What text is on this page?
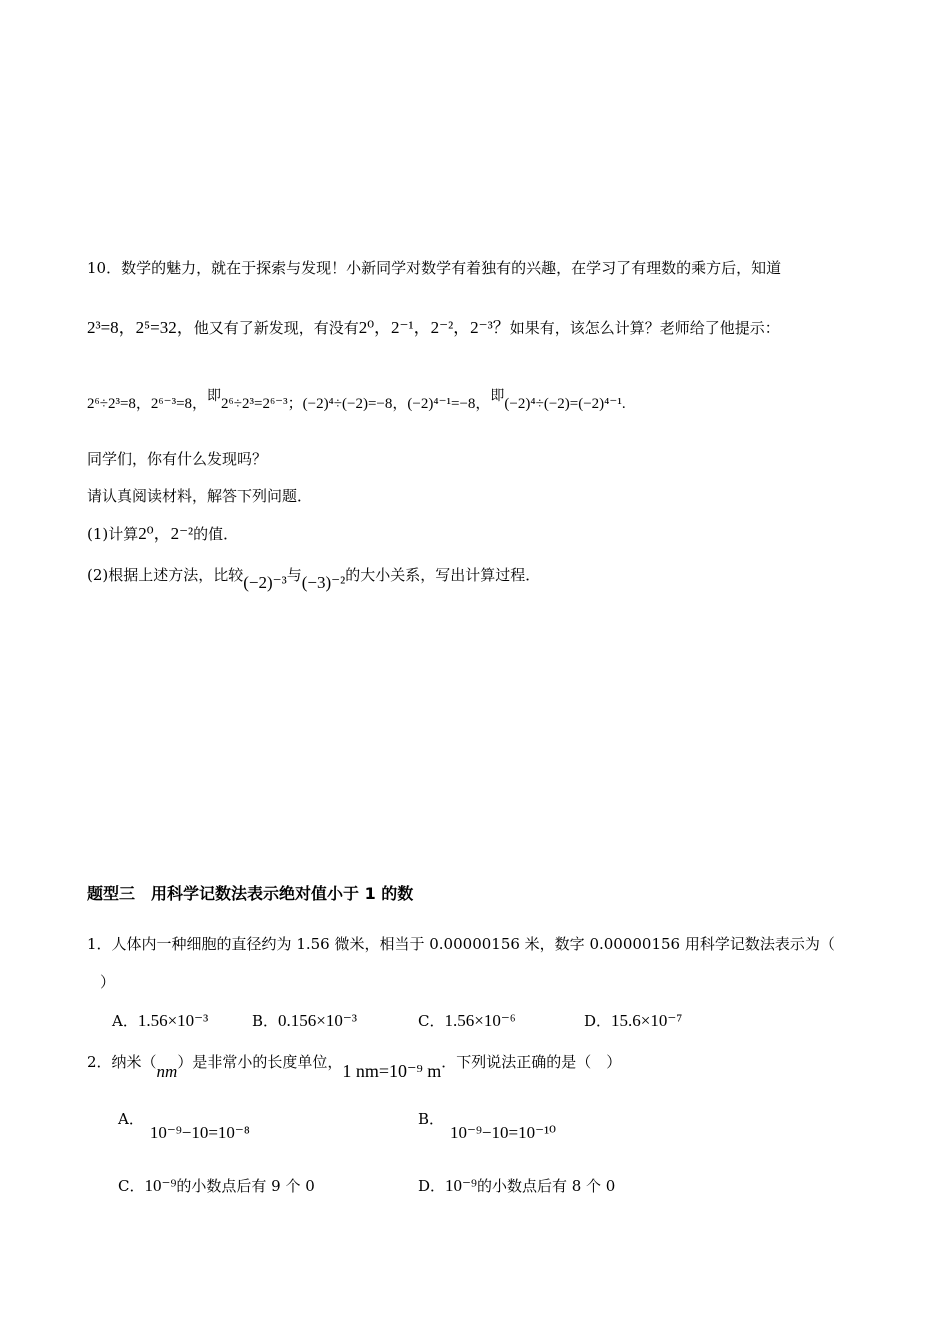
10．数学的魅力，就在于探索与发现！小新同学对数学有着独有的兴趣，在学习了有理数的乘方后，知道
2³=8，2⁵=32，他又有了新发现，有没有2⁰，2⁻¹，2⁻²，2⁻³？如果有，该怎么计算？老师给了他提示：
2⁶÷2³=8，2⁶⁻³=8，即2⁶÷2³=2⁶⁻³；(−2)⁴÷(−2)=−8，(−2)⁴⁻¹=−8，即(−2)⁴÷(−2)=(−2)⁴⁻¹.
同学们，你有什么发现吗？
请认真阅读材料，解答下列问题．
(1)计算2⁰，2⁻²的值．
(2)根据上述方法，比较(−2)⁻³与(−3)⁻²的大小关系，写出计算过程．
题型三　用科学记数法表示绝对值小于 1 的数
1．人体内一种细胞的直径约为 1.56 微米，相当于 0.00000156 米，数字 0.00000156 用科学记数法表示为（
）
A．1.56×10⁻³	B．0.156×10⁻³	C．1.56×10⁻⁶	D．15.6×10⁻⁷
2．纳米（nm）是非常小的长度单位，1 nm=10⁻⁹ m．下列说法正确的是（　）
A．10⁻⁹−10=10⁻⁸
B．10⁻⁹−10=10⁻¹⁰
C．10⁻⁹的小数点后有 9 个 0	D．10⁻⁹的小数点后有 8 个 0
